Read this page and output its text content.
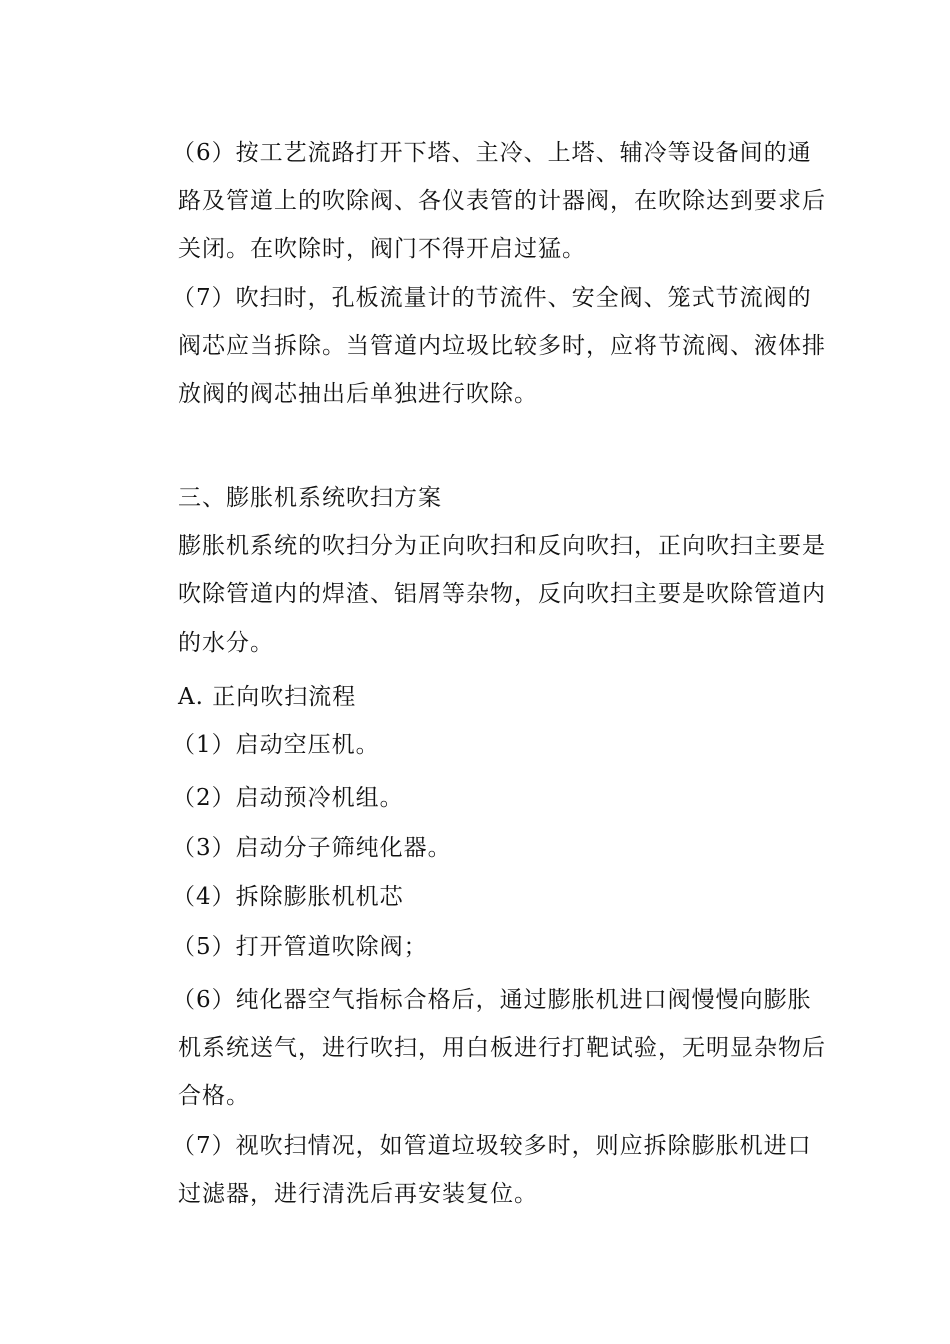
（6）按工艺流路打开下塔、主冷、上塔、辅冷等设备间的通
路及管道上的吹除阀、各仪表管的计器阀，在吹除达到要求后
关闭。在吹除时，阀门不得开启过猛。
（7）吹扫时，孔板流量计的节流件、安全阀、笼式节流阀的
阀芯应当拆除。当管道内垃圾比较多时，应将节流阀、液体排
放阀的阀芯抽出后单独进行吹除。
三、膨胀机系统吹扫方案
膨胀机系统的吹扫分为正向吹扫和反向吹扫，正向吹扫主要是
吹除管道内的焊渣、铝屑等杂物，反向吹扫主要是吹除管道内
的水分。
A. 正向吹扫流程
（1）启动空压机。
（2）启动预冷机组。
（3）启动分子筛纯化器。
（4）拆除膨胀机机芯
（5）打开管道吹除阀；
（6）纯化器空气指标合格后，通过膨胀机进口阀慢慢向膨胀
机系统送气，进行吹扫，用白板进行打靶试验，无明显杂物后
合格。
（7）视吹扫情况，如管道垃圾较多时，则应拆除膨胀机进口
过滤器，进行清洗后再安装复位。
